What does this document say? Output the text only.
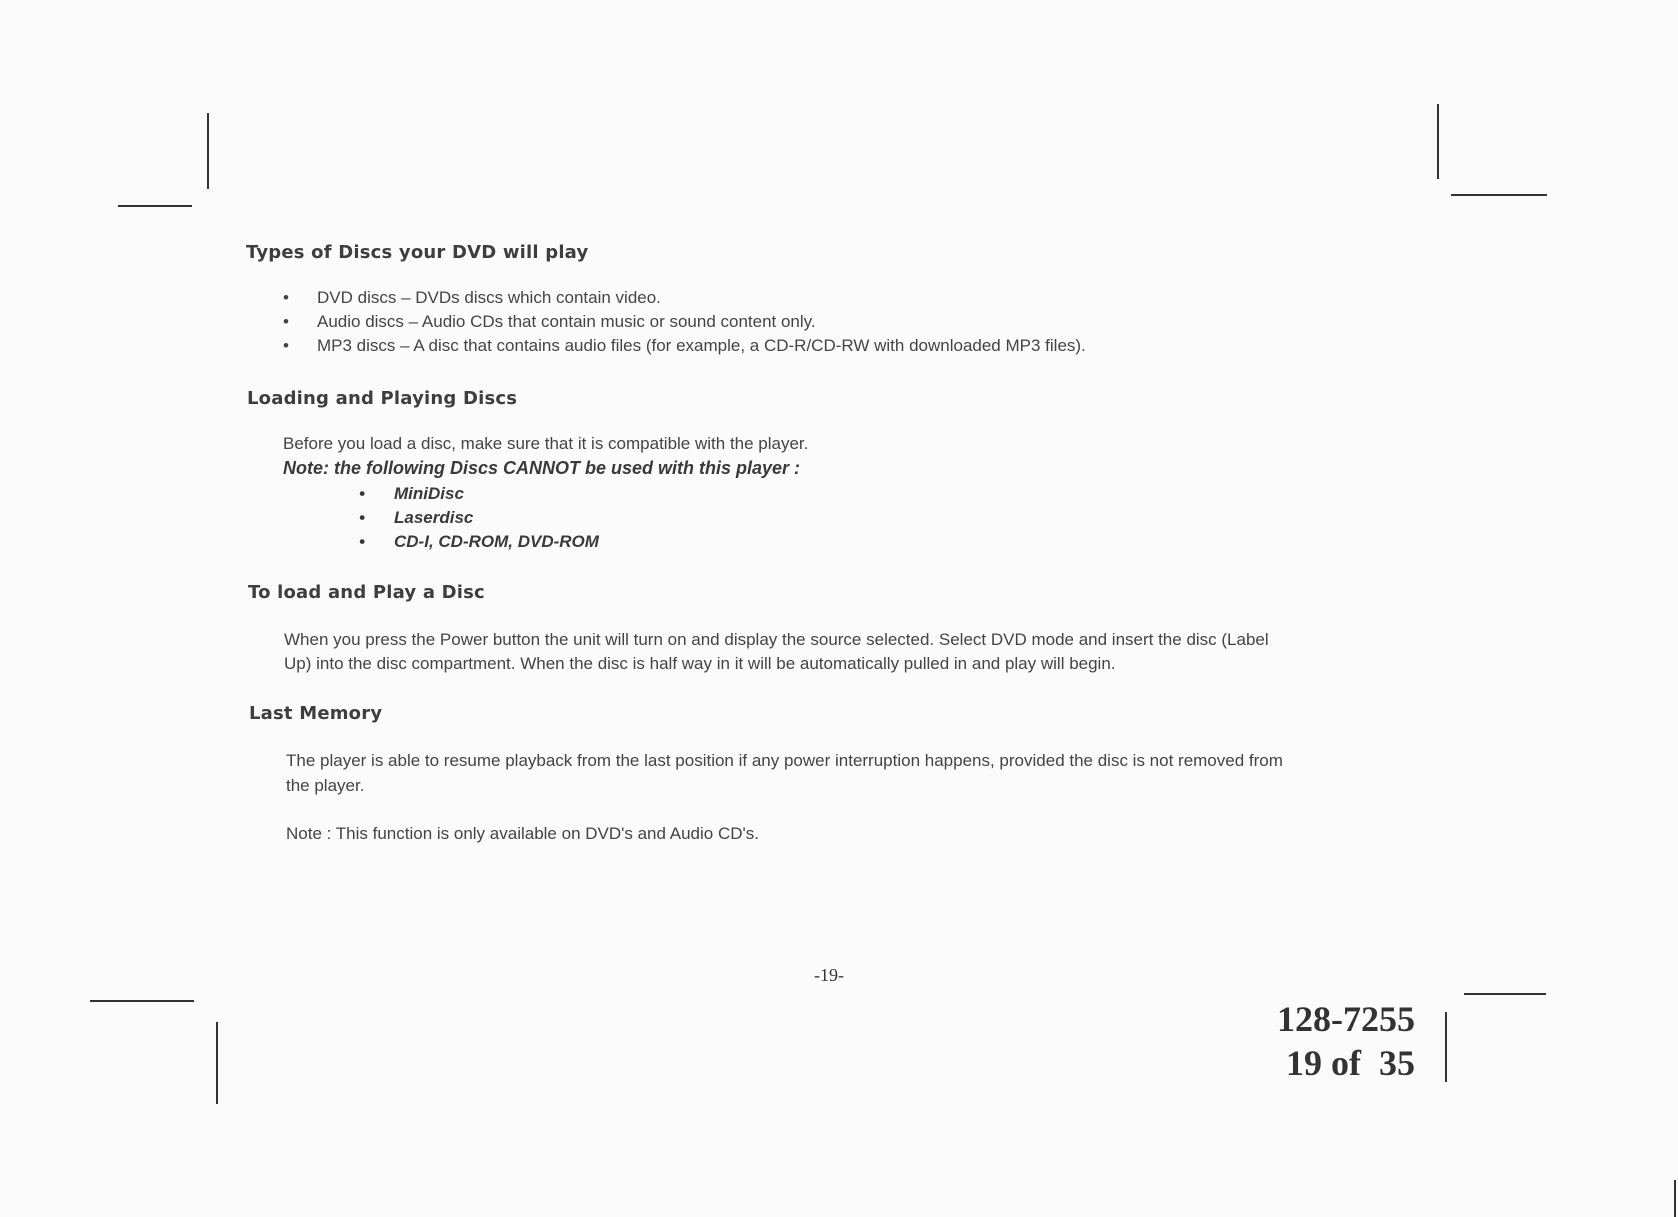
Types of Discs your DVD will play
• DVD discs – DVDs discs which contain video.
• Audio discs – Audio CDs that contain music or sound content only.
• MP3 discs – A disc that contains audio files (for example, a CD-R/CD-RW with downloaded MP3 files).
Loading and Playing Discs
Before you load a disc, make sure that it is compatible with the player.
Note: the following Discs CANNOT be used with this player :
• MiniDisc
• Laserdisc
• CD-I, CD-ROM, DVD-ROM
To load and Play a Disc
When you press the Power button the unit will turn on and display the source selected. Select DVD mode and insert the disc (Label
Up) into the disc compartment. When the disc is half way in it will be automatically pulled in and play will begin.
Last Memory
The player is able to resume playback from the last position if any power interruption happens, provided the disc is not removed from
the player.
Note : This function is only available on DVD's and Audio CD's.
-19-
128-7255
19 of  35
